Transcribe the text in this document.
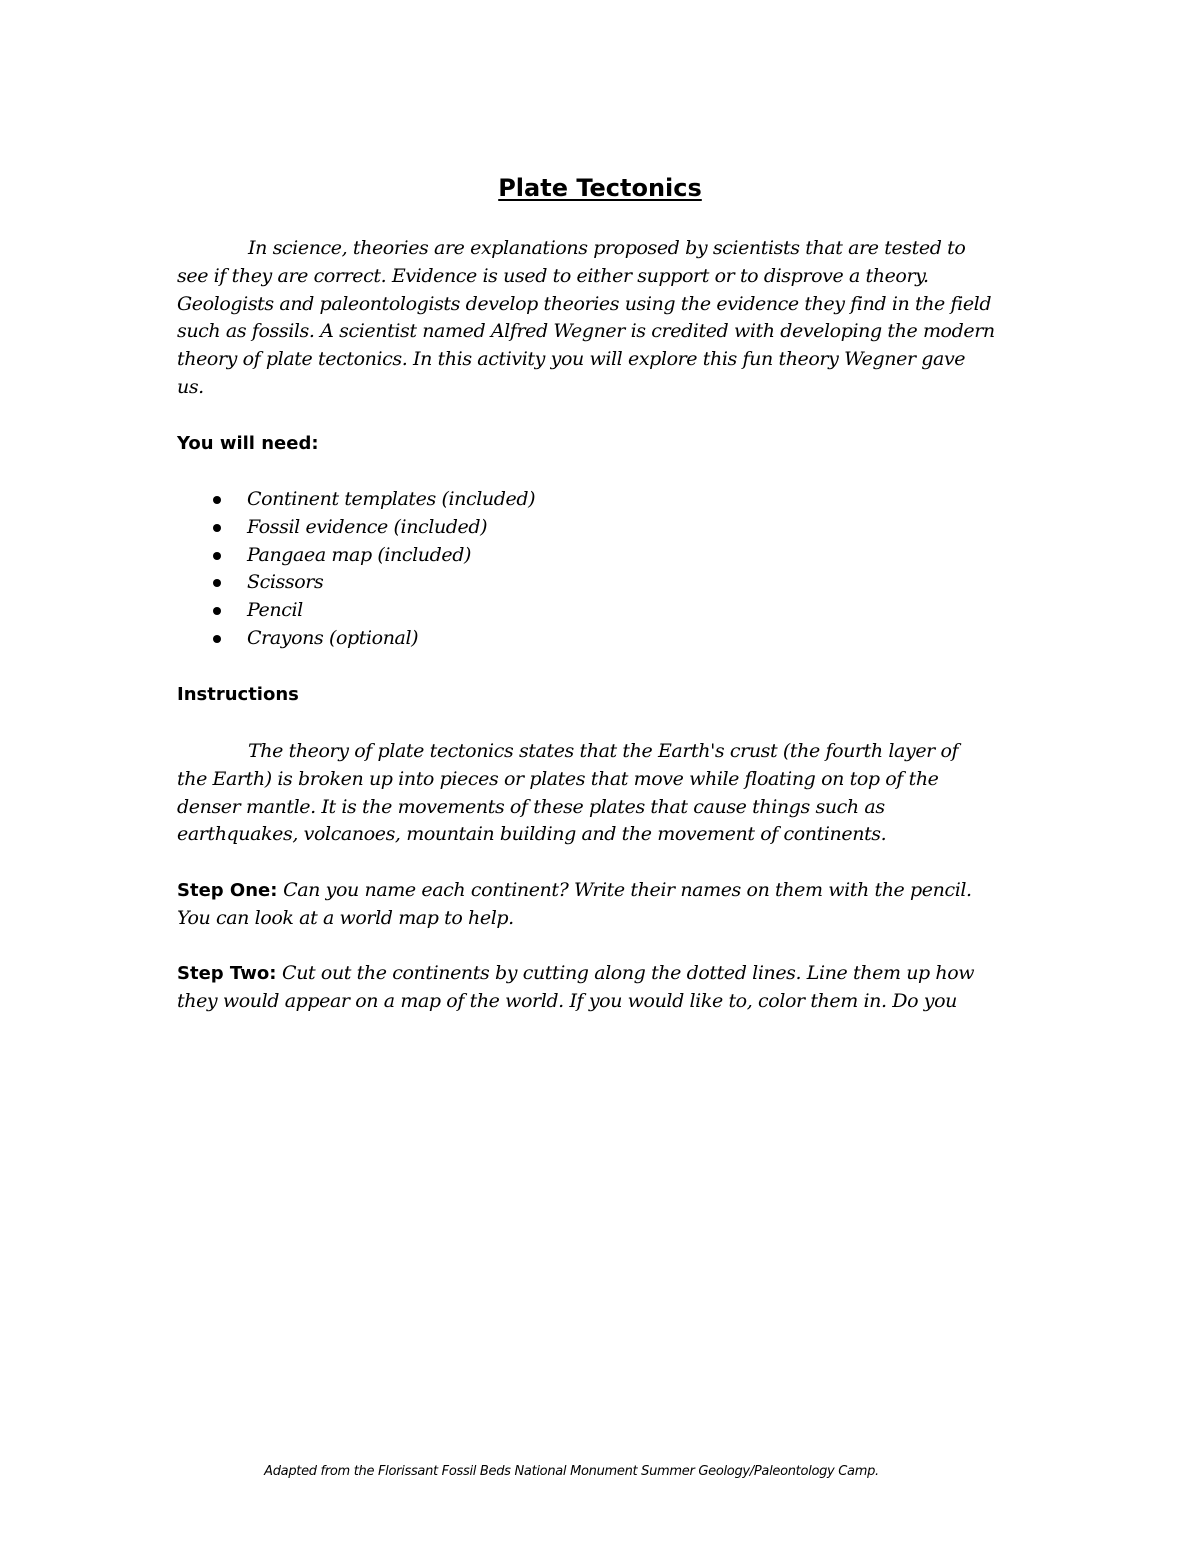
Plate Tectonics
In science, theories are explanations proposed by scientists that are tested to
see if they are correct. Evidence is used to either support or to disprove a theory.
Geologists and paleontologists develop theories using the evidence they find in the field
such as fossils. A scientist named Alfred Wegner is credited with developing the modern
theory of plate tectonics. In this activity you will explore this fun theory Wegner gave
us.
You will need:
Continent templates (included)
Fossil evidence (included)
Pangaea map (included)
Scissors
Pencil
Crayons (optional)
Instructions
The theory of plate tectonics states that the Earth's crust (the fourth layer of
the Earth) is broken up into pieces or plates that move while floating on top of the
denser mantle. It is the movements of these plates that cause things such as
earthquakes, volcanoes, mountain building and the movement of continents.
Step One: Can you name each continent? Write their names on them with the pencil.
You can look at a world map to help.
Step Two: Cut out the continents by cutting along the dotted lines. Line them up how
they would appear on a map of the world. If you would like to, color them in. Do you

Adapted from the Florissant Fossil Beds National Monument Summer Geology/Paleontology Camp.
